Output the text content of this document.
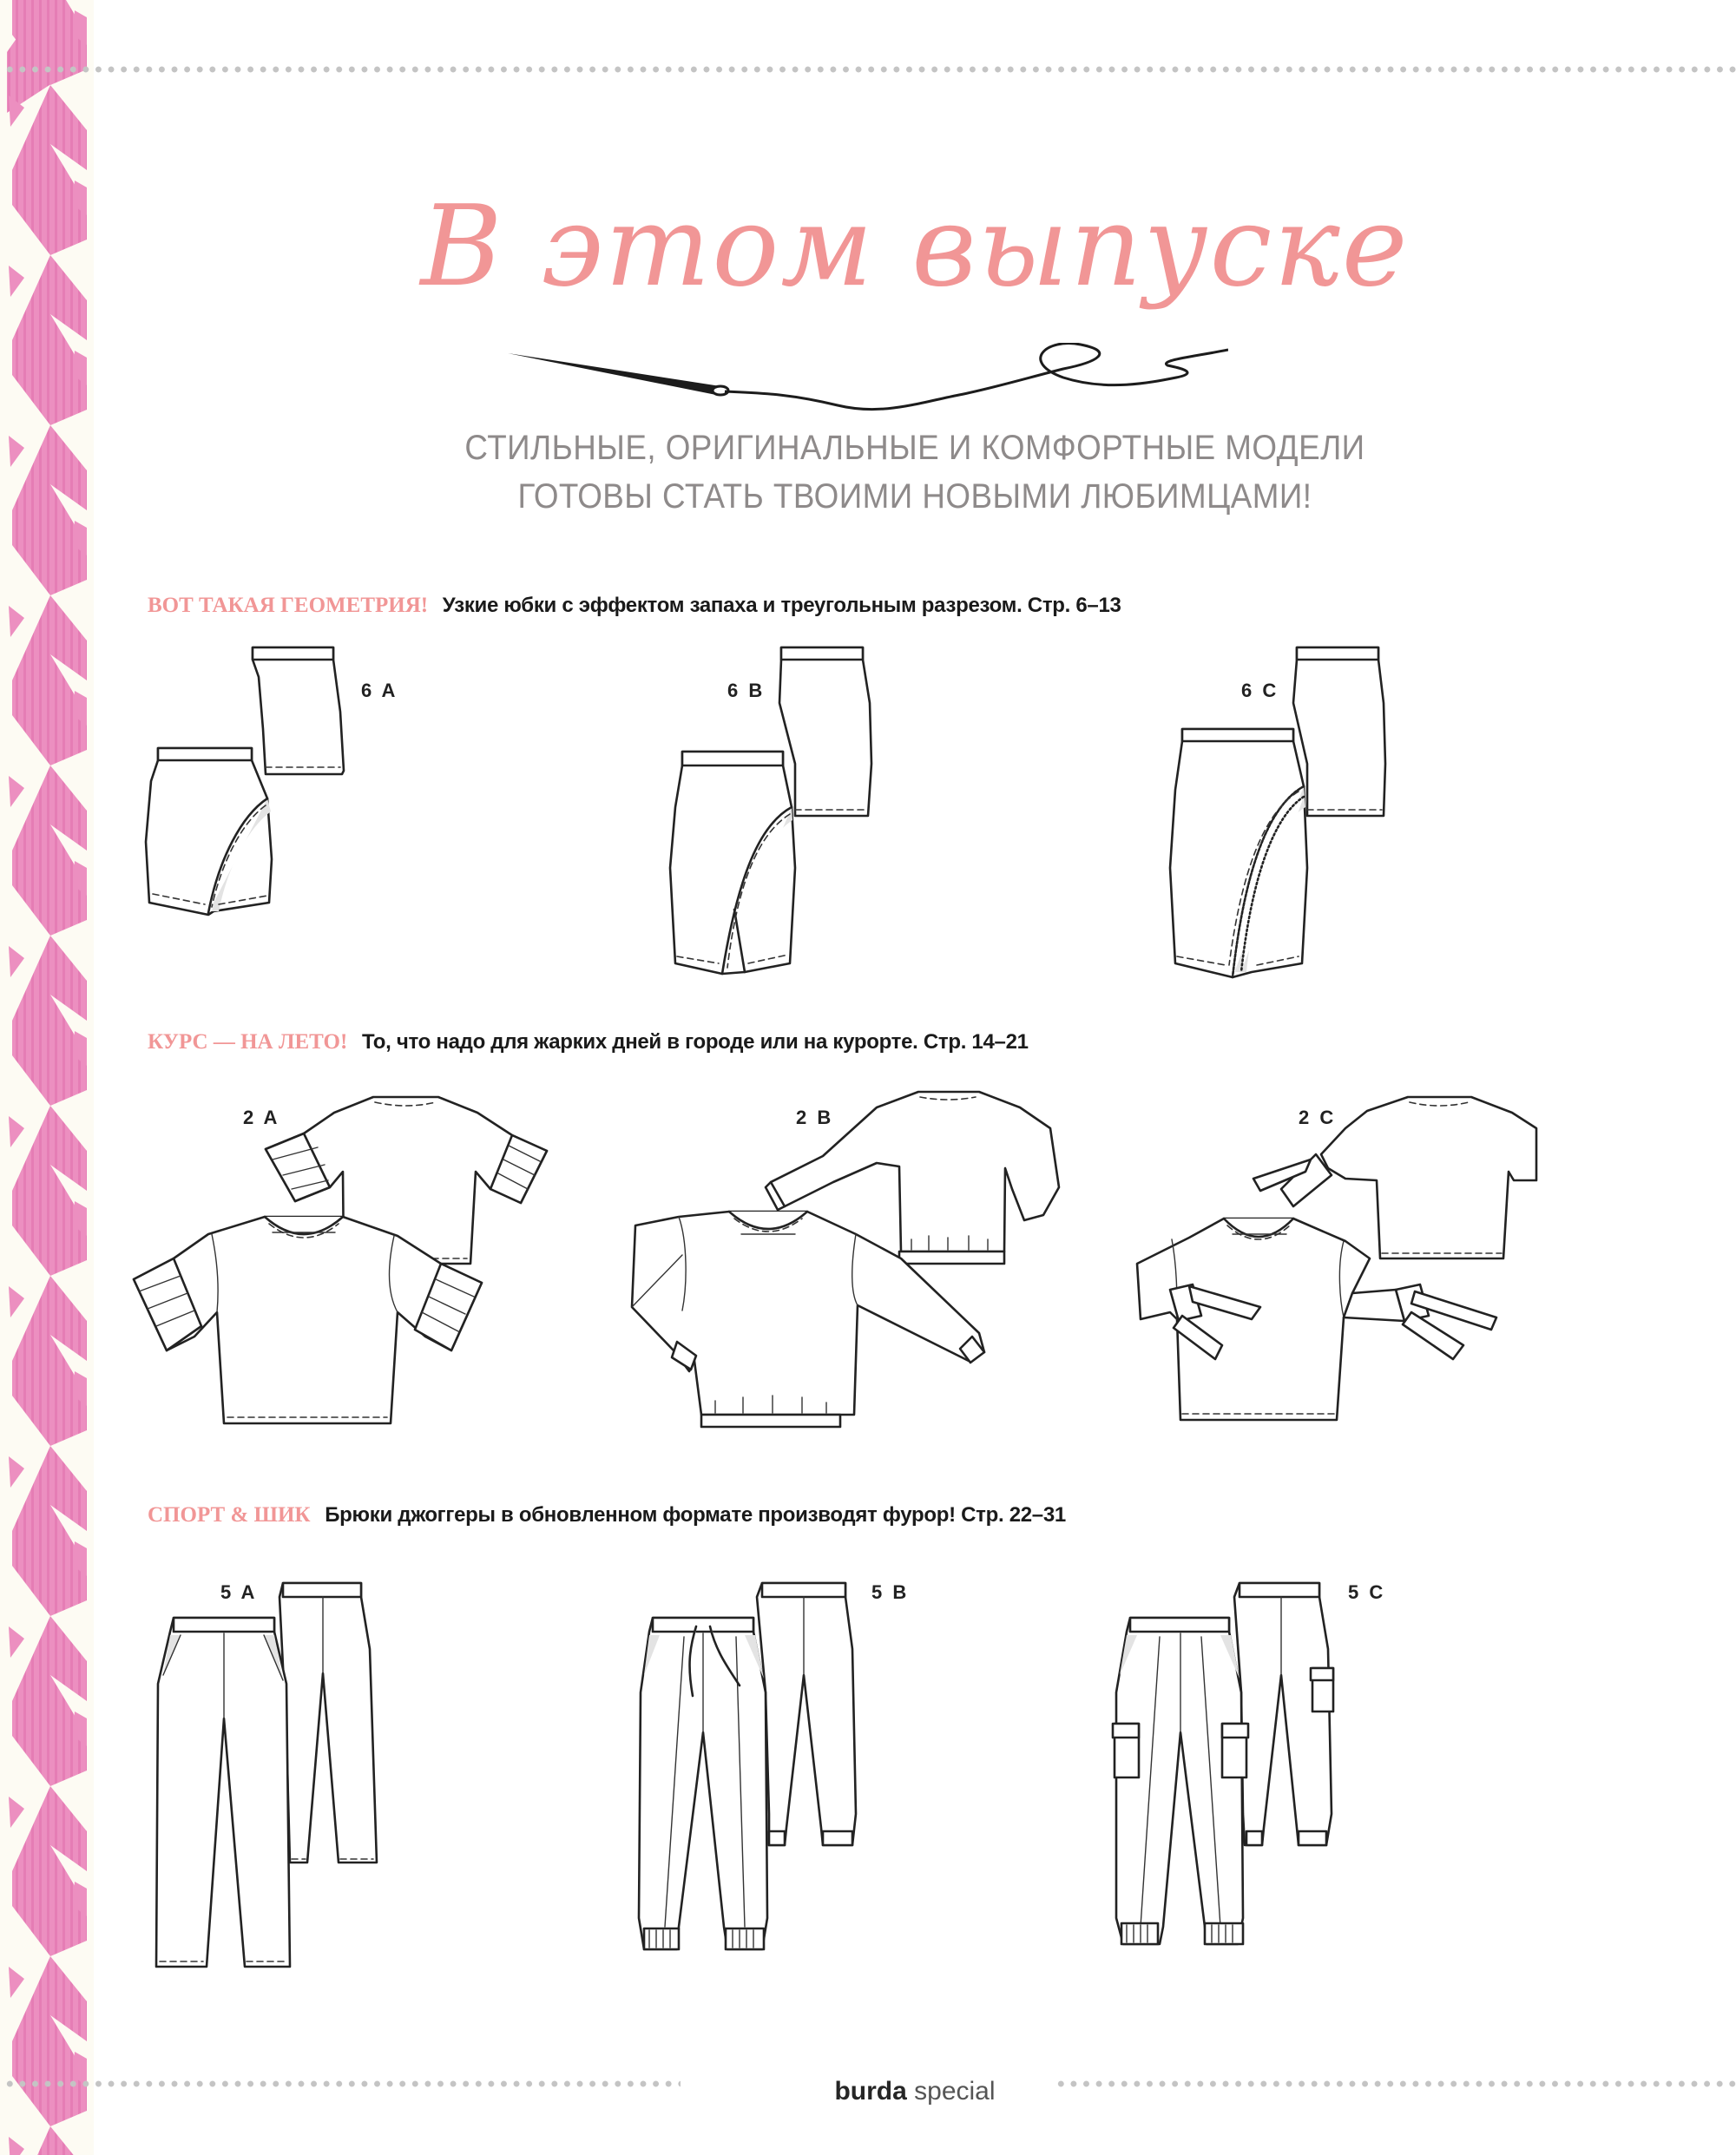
В этом выпуске
СТИЛЬНЫЕ, ОРИГИНАЛЬНЫЕ И КОМФОРТНЫЕ МОДЕЛИ
ГОТОВЫ СТАТЬ ТВОИМИ НОВЫМИ ЛЮБИМЦАМИ!
ВОТ ТАКАЯ ГЕОМЕТРИЯ! Узкие юбки с эффектом запаха и треугольным разрезом. Стр. 6–13
6 A	6 B	6 C
КУРС — НА ЛЕТО! То, что надо для жарких дней в городе или на курорте. Стр. 14–21
2 A	2 B	2 C
СПОРТ & ШИК Брюки джоггеры в обновленном формате производят фурор! Стр. 22–31
5 A	5 B	5 C
burda special
